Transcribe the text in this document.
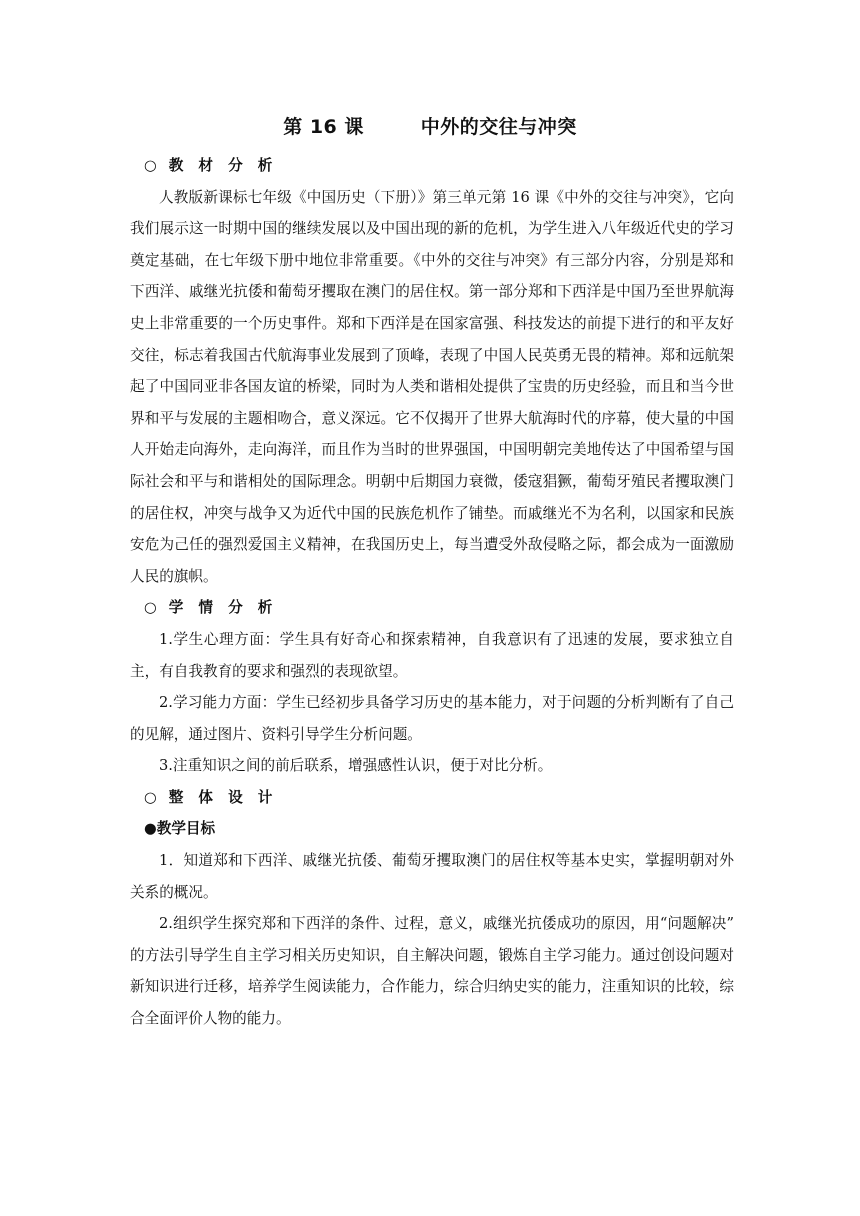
第 16 课        中外的交往与冲突

○ 教 材 分 析

人教版新课标七年级《中国历史（下册）》第三单元第 16 课《中外的交往与冲突》，它向我们展示这一时期中国的继续发展以及中国出现的新的危机，为学生进入八年级近代史的学习奠定基础，在七年级下册中地位非常重要。《中外的交往与冲突》有三部分内容，分别是郑和下西洋、戚继光抗倭和葡萄牙攫取在澳门的居住权。第一部分郑和下西洋是中国乃至世界航海史上非常重要的一个历史事件。郑和下西洋是在国家富强、科技发达的前提下进行的和平友好交往，标志着我国古代航海事业发展到了顶峰，表现了中国人民英勇无畏的精神。郑和远航架起了中国同亚非各国友谊的桥梁，同时为人类和谐相处提供了宝贵的历史经验，而且和当今世界和平与发展的主题相吻合，意义深远。它不仅揭开了世界大航海时代的序幕，使大量的中国人开始走向海外，走向海洋，而且作为当时的世界强国，中国明朝完美地传达了中国希望与国际社会和平与和谐相处的国际理念。明朝中后期国力衰微，倭寇猖獗，葡萄牙殖民者攫取澳门的居住权，冲突与战争又为近代中国的民族危机作了铺垫。而戚继光不为名利，以国家和民族安危为己任的强烈爱国主义精神，在我国历史上，每当遭受外敌侵略之际，都会成为一面激励人民的旗帜。

○ 学 情 分 析

1.学生心理方面：学生具有好奇心和探索精神，自我意识有了迅速的发展，要求独立自主，有自我教育的要求和强烈的表现欲望。

2.学习能力方面：学生已经初步具备学习历史的基本能力，对于问题的分析判断有了自己的见解，通过图片、资料引导学生分析问题。

3.注重知识之间的前后联系，增强感性认识，便于对比分析。

○ 整 体 设 计

●教学目标

1．知道郑和下西洋、戚继光抗倭、葡萄牙攫取澳门的居住权等基本史实，掌握明朝对外关系的概况。

2.组织学生探究郑和下西洋的条件、过程，意义，戚继光抗倭成功的原因，用“问题解决” 的方法引导学生自主学习相关历史知识，自主解决问题，锻炼自主学习能力。通过创设问题对新知识进行迁移，培养学生阅读能力，合作能力，综合归纳史实的能力，注重知识的比较，综合全面评价人物的能力。
